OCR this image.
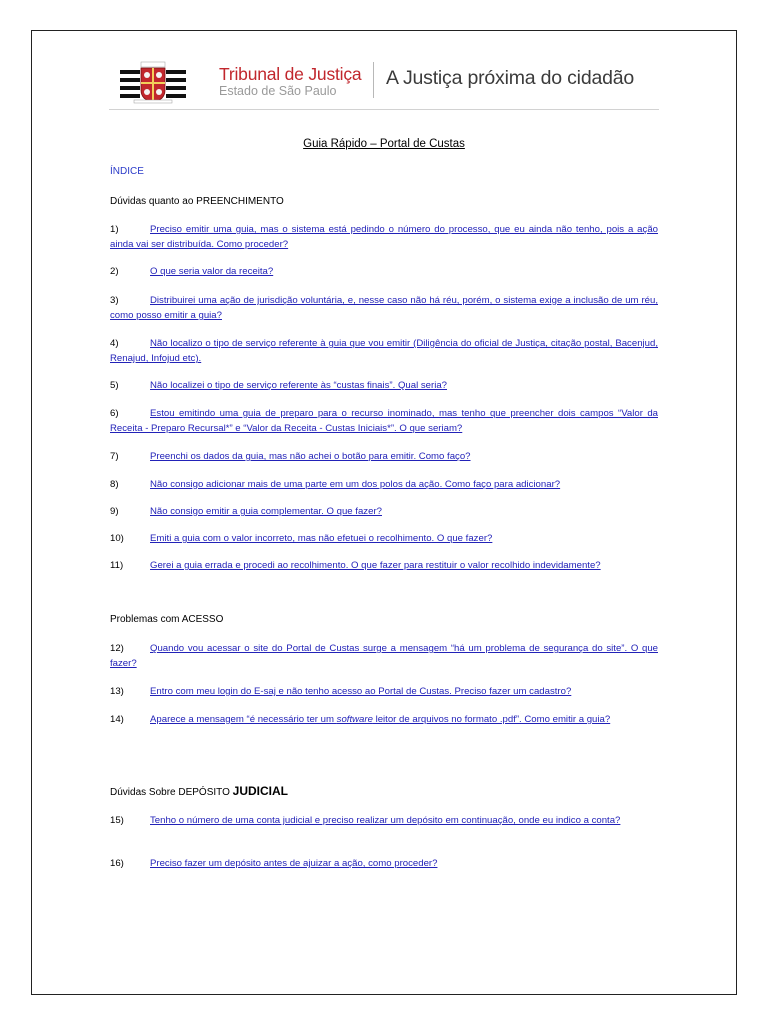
Tribunal de Justiça
Estado de São Paulo
A Justiça próxima do cidadão
Guia Rápido – Portal de Custas
ÍNDICE
Dúvidas quanto ao PREENCHIMENTO
1)	Preciso emitir uma guia, mas o sistema está pedindo o número do processo, que eu ainda não tenho, pois a ação ainda vai ser distribuída. Como proceder?
2)	O que seria valor da receita?
3)	Distribuirei uma ação de jurisdição voluntária, e, nesse caso não há réu, porém, o sistema exige a inclusão de um réu, como posso emitir a guia?
4)	Não localizo o tipo de serviço referente à guia que vou emitir (Diligência do oficial de Justiça, citação postal, Bacenjud, Renajud, Infojud etc).
5)	Não localizei o tipo de serviço referente às “custas finais”. Qual seria?
6)	Estou emitindo uma guia de preparo para o recurso inominado, mas tenho que preencher dois campos “Valor da Receita - Preparo Recursal*” e “Valor da Receita - Custas Iniciais*”. O que seriam?
7)	Preenchi os dados da guia, mas não achei o botão para emitir. Como faço?
8)	Não consigo adicionar mais de uma parte em um dos polos da ação. Como faço para adicionar?
9)	Não consigo emitir a guia complementar. O que fazer?
10)	Emiti a guia com o valor incorreto, mas não efetuei o recolhimento. O que fazer?
11)	Gerei a guia errada e procedi ao recolhimento. O que fazer para restituir o valor recolhido indevidamente?
Problemas com ACESSO
12)	Quando vou acessar o site do Portal de Custas surge a mensagem “há um problema de segurança do site”. O que fazer?
13)	Entro com meu login do E-saj e não tenho acesso ao Portal de Custas. Preciso fazer um cadastro?
14)	Aparece a mensagem “é necessário ter um software leitor de arquivos no formato .pdf”. Como emitir a guia?
Dúvidas Sobre DEPÓSITO JUDICIAL
15)	Tenho o número de uma conta judicial e preciso realizar um depósito em continuação, onde eu indico a conta?
16)	Preciso fazer um depósito antes de ajuizar a ação, como proceder?
